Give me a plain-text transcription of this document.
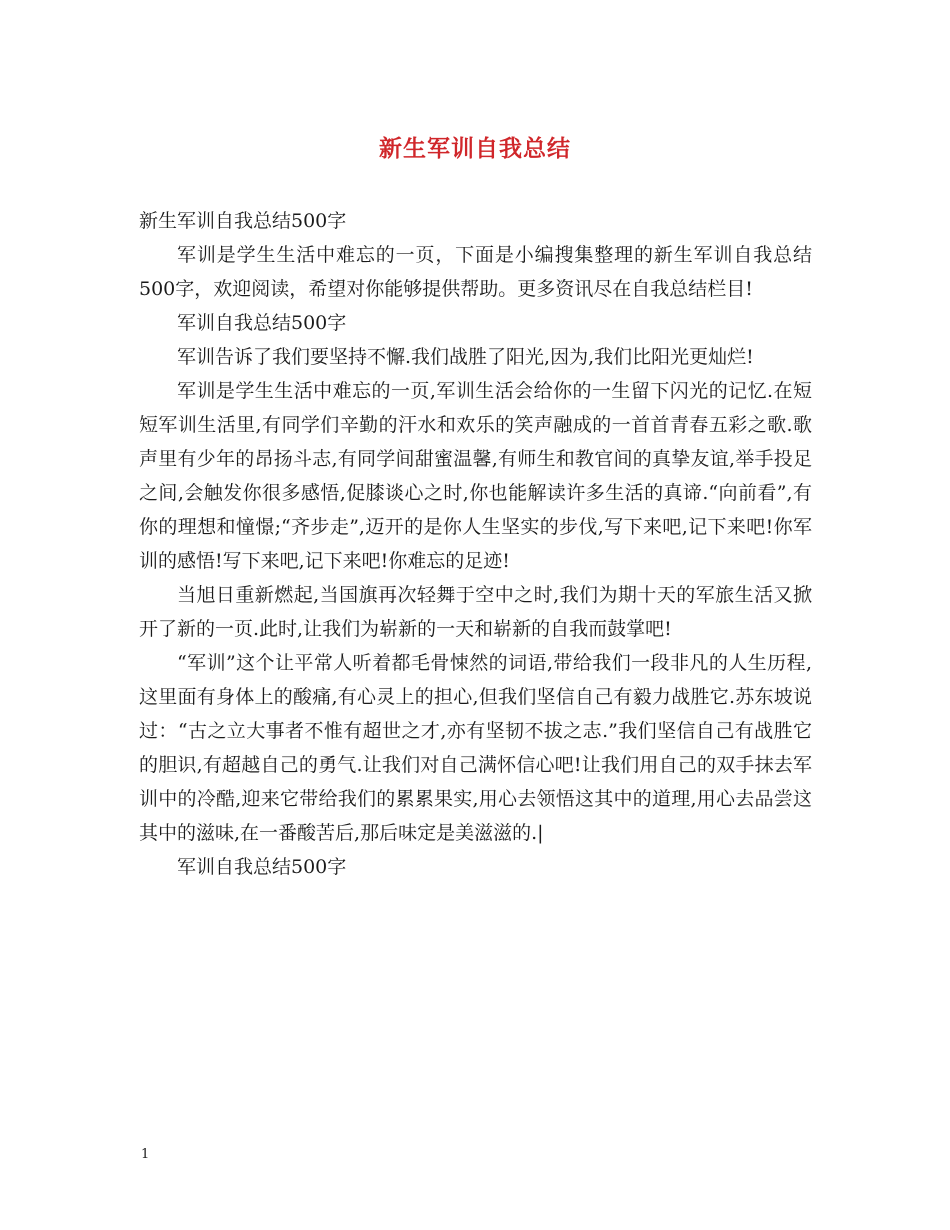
新生军训自我总结

新生军训自我总结500字

军训是学生生活中难忘的一页，下面是小编搜集整理的新生军训自我总结500字，欢迎阅读，希望对你能够提供帮助。更多资讯尽在自我总结栏目!

军训自我总结500字

军训告诉了我们要坚持不懈.我们战胜了阳光,因为,我们比阳光更灿烂!

军训是学生生活中难忘的一页,军训生活会给你的一生留下闪光的记忆.在短短军训生活里,有同学们辛勤的汗水和欢乐的笑声融成的一首首青春五彩之歌.歌声里有少年的昂扬斗志,有同学间甜蜜温馨,有师生和教官间的真挚友谊,举手投足之间,会触发你很多感悟,促膝谈心之时,你也能解读许多生活的真谛.“向前看”,有你的理想和憧憬;“齐步走”,迈开的是你人生坚实的步伐,写下来吧,记下来吧!你军训的感悟!写下来吧,记下来吧!你难忘的足迹!

当旭日重新燃起,当国旗再次轻舞于空中之时,我们为期十天的军旅生活又掀开了新的一页.此时,让我们为崭新的一天和崭新的自我而鼓掌吧!

“军训”这个让平常人听着都毛骨悚然的词语,带给我们一段非凡的人生历程,这里面有身体上的酸痛,有心灵上的担心,但我们坚信自己有毅力战胜它.苏东坡说过：“古之立大事者不惟有超世之才,亦有坚韧不拔之志.”我们坚信自己有战胜它的胆识,有超越自己的勇气.让我们对自己满怀信心吧!让我们用自己的双手抹去军训中的冷酷,迎来它带给我们的累累果实,用心去领悟这其中的道理,用心去品尝这其中的滋味,在一番酸苦后,那后味定是美滋滋的.|

军训自我总结500字

1
